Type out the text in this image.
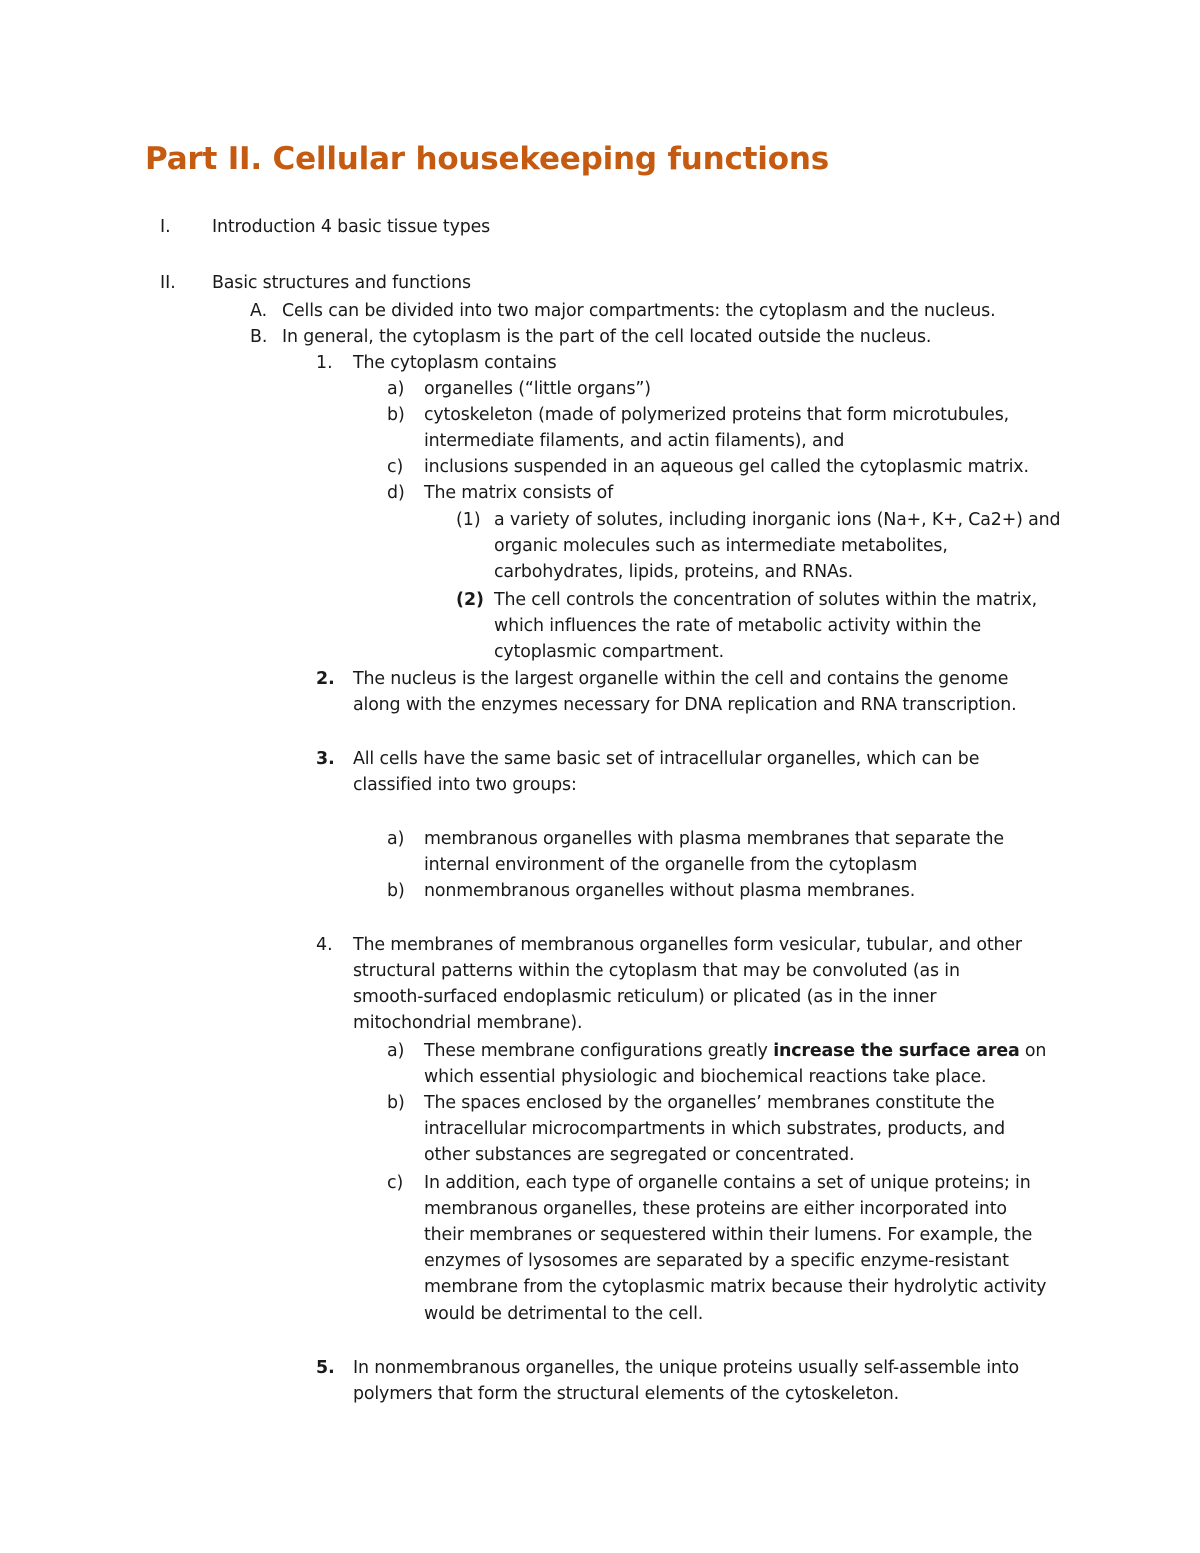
Part II. Cellular housekeeping functions
I. Introduction 4 basic tissue types
II. Basic structures and functions
A. Cells can be divided into two major compartments: the cytoplasm and the nucleus.
B. In general, the cytoplasm is the part of the cell located outside the nucleus.
1. The cytoplasm contains
a) organelles (“little organs”)
b) cytoskeleton (made of polymerized proteins that form microtubules,
intermediate filaments, and actin filaments), and
c) inclusions suspended in an aqueous gel called the cytoplasmic matrix.
d) The matrix consists of
(1) a variety of solutes, including inorganic ions (Na+, K+, Ca2+) and
organic molecules such as intermediate metabolites,
carbohydrates, lipids, proteins, and RNAs.
(2) The cell controls the concentration of solutes within the matrix,
which influences the rate of metabolic activity within the
cytoplasmic compartment.
2. The nucleus is the largest organelle within the cell and contains the genome
along with the enzymes necessary for DNA replication and RNA transcription.
3. All cells have the same basic set of intracellular organelles, which can be
classified into two groups:
a) membranous organelles with plasma membranes that separate the
internal environment of the organelle from the cytoplasm
b) nonmembranous organelles without plasma membranes.
4. The membranes of membranous organelles form vesicular, tubular, and other
structural patterns within the cytoplasm that may be convoluted (as in
smooth-surfaced endoplasmic reticulum) or plicated (as in the inner
mitochondrial membrane).
a) These membrane configurations greatly increase the surface area on
which essential physiologic and biochemical reactions take place.
b) The spaces enclosed by the organelles’ membranes constitute the
intracellular microcompartments in which substrates, products, and
other substances are segregated or concentrated.
c) In addition, each type of organelle contains a set of unique proteins; in
membranous organelles, these proteins are either incorporated into
their membranes or sequestered within their lumens. For example, the
enzymes of lysosomes are separated by a specific enzyme-resistant
membrane from the cytoplasmic matrix because their hydrolytic activity
would be detrimental to the cell.
5. In nonmembranous organelles, the unique proteins usually self-assemble into
polymers that form the structural elements of the cytoskeleton.
